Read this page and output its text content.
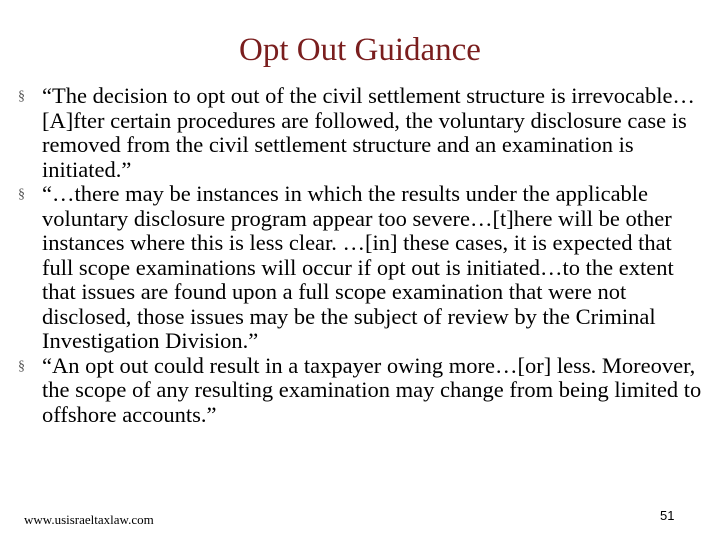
Opt Out Guidance
§ “The decision to opt out of the civil settlement structure is irrevocable…[A]fter certain procedures are followed, the voluntary disclosure case is removed from the civil settlement structure and an examination is initiated.”
§ “…there may be instances in which the results under the applicable voluntary disclosure program appear too severe…[t]here will be other instances where this is less clear. …[in] these cases, it is expected that full scope examinations will occur if opt out is initiated…to the extent that issues are found upon a full scope examination that were not disclosed, those issues may be the subject of review by the Criminal Investigation Division.”
§ “An opt out could result in a taxpayer owing more…[or] less. Moreover, the scope of any resulting examination may change from being limited to offshore accounts.”
www.usisraeltaxlaw.com	51
